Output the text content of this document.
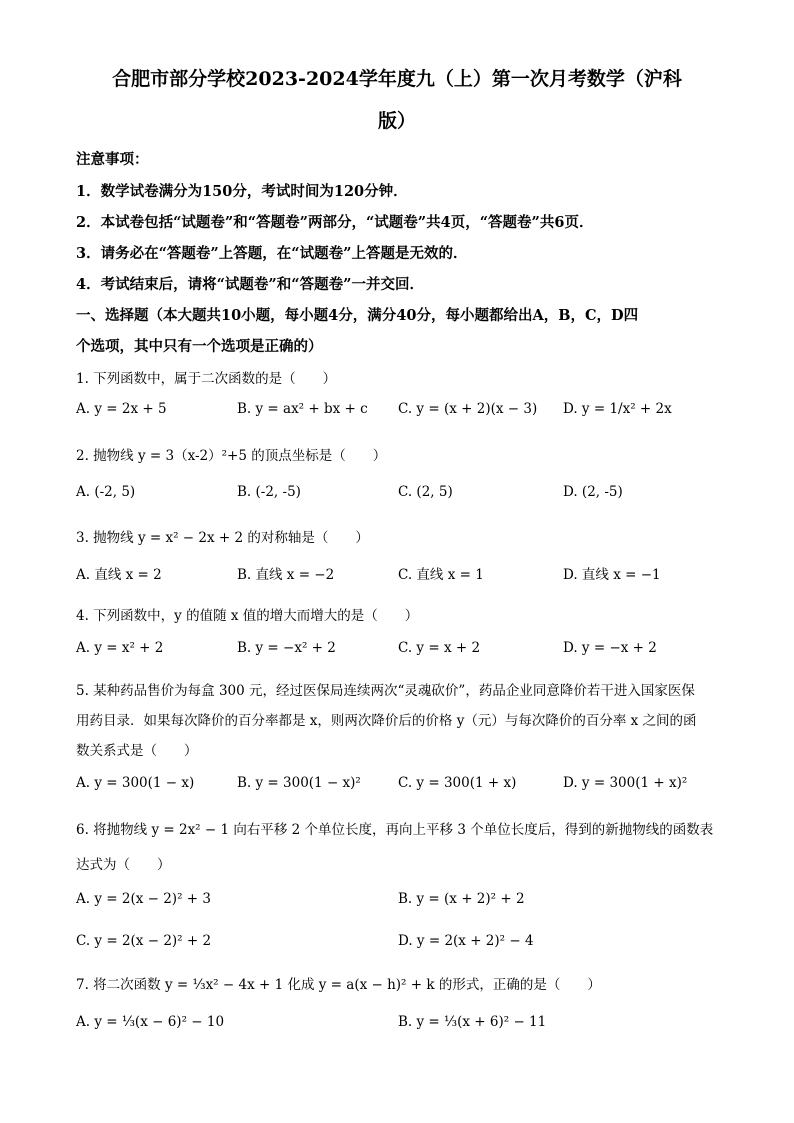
合肥市部分学校2023-2024学年度九（上）第一次月考数学（沪科
版）
注意事项：
1．数学试卷满分为150分，考试时间为120分钟．
2．本试卷包括“试题卷”和“答题卷”两部分，“试题卷”共4页，“答题卷”共6页．
3．请务必在“答题卷”上答题，在“试题卷”上答题是无效的．
4．考试结束后，请将“试题卷”和“答题卷”一并交回．
一、选择题（本大题共10小题，每小题4分，满分40分，每小题都给出A，B，C，D四
个选项，其中只有一个选项是正确的）
1. 下列函数中，属于二次函数的是（　　）
A. y = 2x + 5	B. y = ax² + bx + c C. y = (x + 2)(x − 3) D. y = 1/x² + 2x
2. 抛物线 y = 3（x-2）²+5 的顶点坐标是（　　）
A. (-2, 5)	B. (-2, -5)	C. (2, 5)	D. (2, -5)
3. 抛物线 y = x² − 2x + 2 的对称轴是（　　）
A. 直线 x = 2	B. 直线 x = −2	C. 直线 x = 1	D. 直线 x = −1
4. 下列函数中，y 的值随 x 值的增大而增大的是（　　）
A. y = x² + 2	B. y = −x² + 2	C. y = x + 2	D. y = −x + 2
5. 某种药品售价为每盒 300 元，经过医保局连续两次“灵魂砍价”，药品企业同意降价若干进入国家医保
用药目录．如果每次降价的百分率都是 x，则两次降价后的价格 y（元）与每次降价的百分率 x 之间的函
数关系式是（　　）
A. y = 300(1 − x)	B. y = 300(1 − x)²	C. y = 300(1 + x)	D. y = 300(1 + x)²
6. 将抛物线 y = 2x² − 1 向右平移 2 个单位长度，再向上平移 3 个单位长度后，得到的新抛物线的函数表
达式为（　　）
A. y = 2(x − 2)² + 3	B. y = (x + 2)² + 2
C. y = 2(x − 2)² + 2	D. y = 2(x + 2)² − 4
7. 将二次函数 y = ⅓x² − 4x + 1 化成 y = a(x − h)² + k 的形式，正确的是（　　）
A. y = ⅓(x − 6)² − 10	B. y = ⅓(x + 6)² − 11
